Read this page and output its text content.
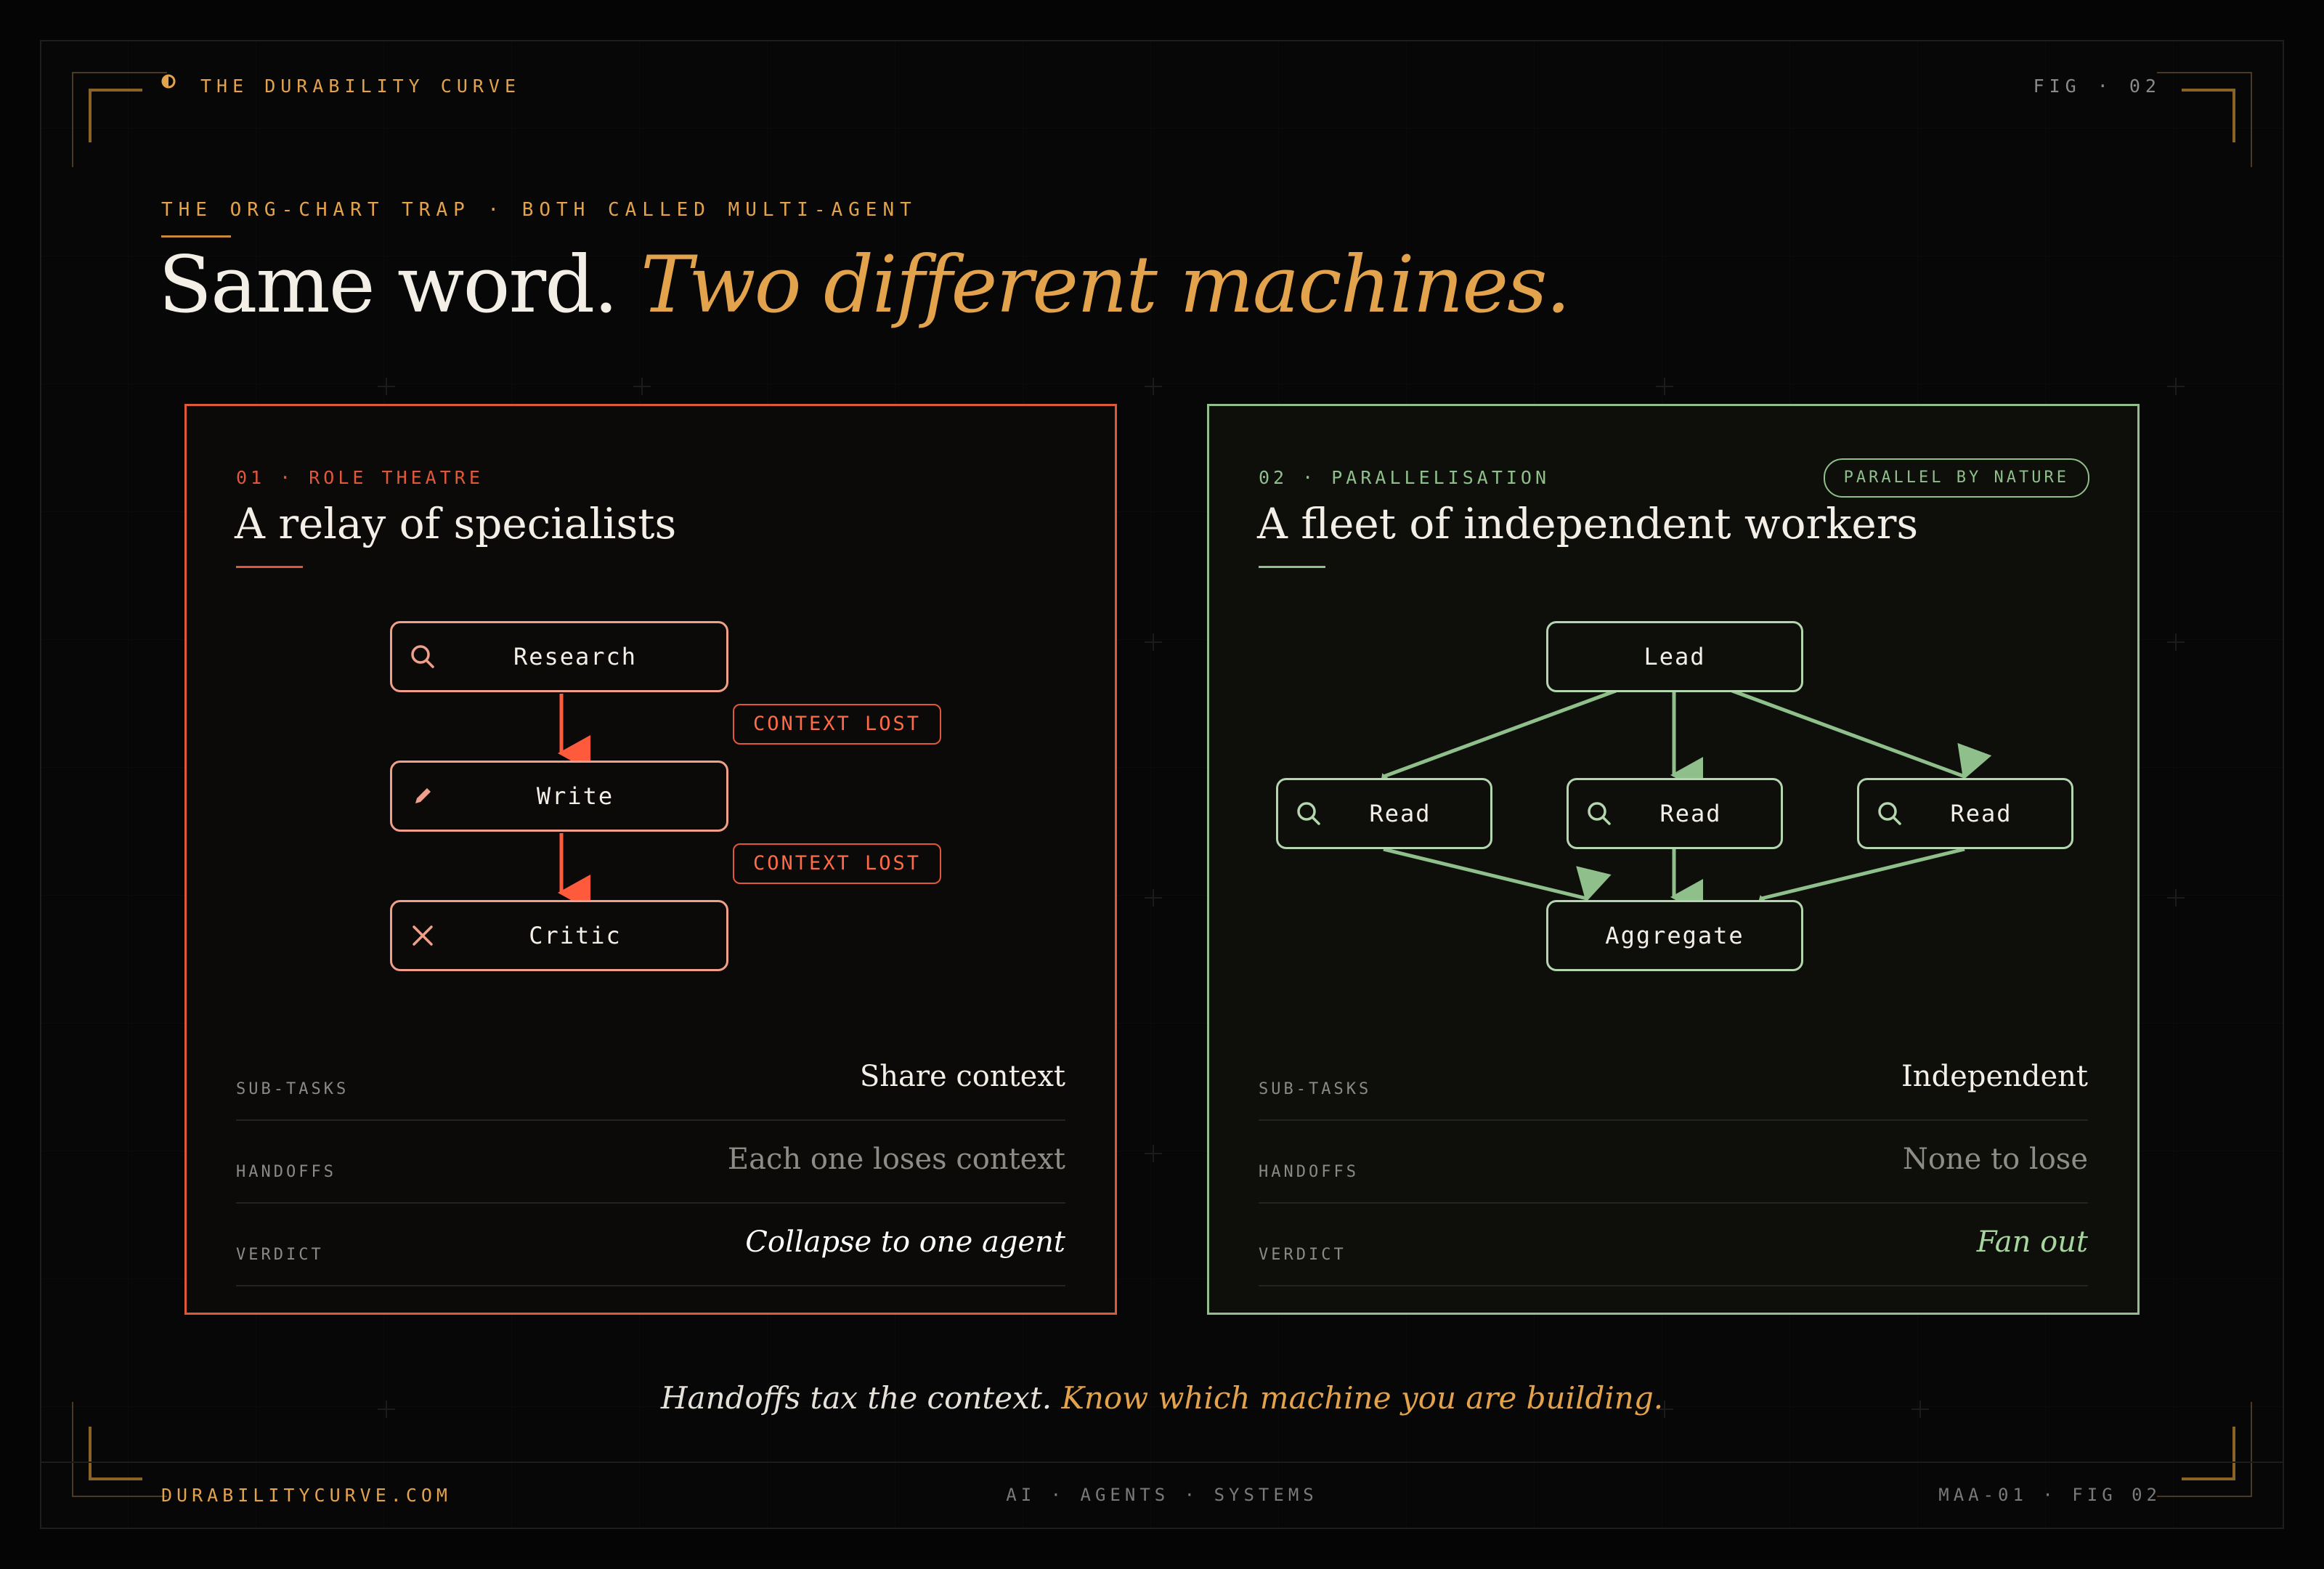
THE DURABILITY CURVE	FIG · 02
THE ORG-CHART TRAP · BOTH CALLED MULTI-AGENT
Same word. Two different machines.
01 · ROLE THEATRE
A relay of specialists
Research
Write
Critic
CONTEXT LOST
CONTEXT LOST
SUB-TASKS	Share context
HANDOFFS	Each one loses context
VERDICT	Collapse to one agent
02 · PARALLELISATION	PARALLEL BY NATURE
A fleet of independent workers
Lead
Read	Read	Read
Aggregate
SUB-TASKS	Independent
HANDOFFS	None to lose
VERDICT	Fan out
Handoffs tax the context. Know which machine you are building.
DURABILITYCURVE.COM	AI · AGENTS · SYSTEMS	MAA-01 · FIG 02
